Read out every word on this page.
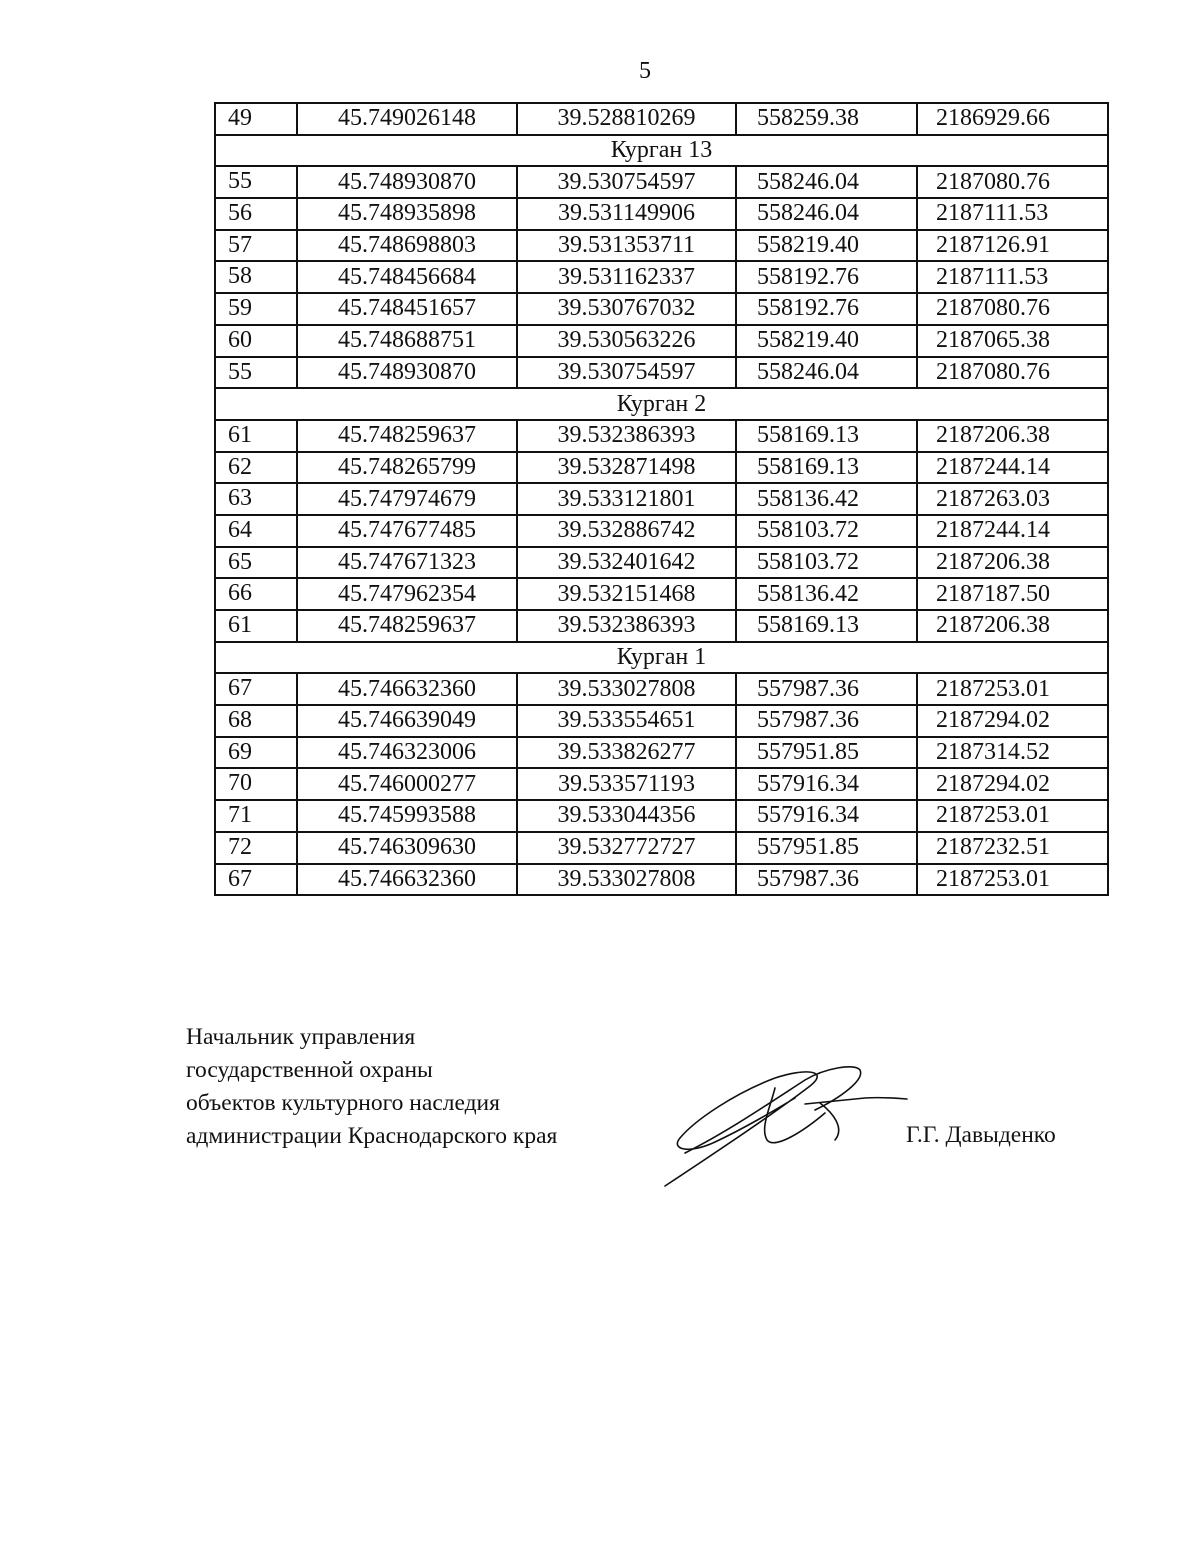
5
49	45.749026148	39.528810269	558259.38	2186929.66
Курган 13				
55	45.748930870	39.530754597	558246.04	2187080.76
56	45.748935898	39.531149906	558246.04	2187111.53
57	45.748698803	39.531353711	558219.40	2187126.91
58	45.748456684	39.531162337	558192.76	2187111.53
59	45.748451657	39.530767032	558192.76	2187080.76
60	45.748688751	39.530563226	558219.40	2187065.38
55	45.748930870	39.530754597	558246.04	2187080.76
Курган 2				
61	45.748259637	39.532386393	558169.13	2187206.38
62	45.748265799	39.532871498	558169.13	2187244.14
63	45.747974679	39.533121801	558136.42	2187263.03
64	45.747677485	39.532886742	558103.72	2187244.14
65	45.747671323	39.532401642	558103.72	2187206.38
66	45.747962354	39.532151468	558136.42	2187187.50
61	45.748259637	39.532386393	558169.13	2187206.38
Курган 1				
67	45.746632360	39.533027808	557987.36	2187253.01
68	45.746639049	39.533554651	557987.36	2187294.02
69	45.746323006	39.533826277	557951.85	2187314.52
70	45.746000277	39.533571193	557916.34	2187294.02
71	45.745993588	39.533044356	557916.34	2187253.01
72	45.746309630	39.532772727	557951.85	2187232.51
67	45.746632360	39.533027808	557987.36	2187253.01
Начальник управления
государственной охраны
объектов культурного наследия
администрации Краснодарского края	Г.Г. Давыденко
